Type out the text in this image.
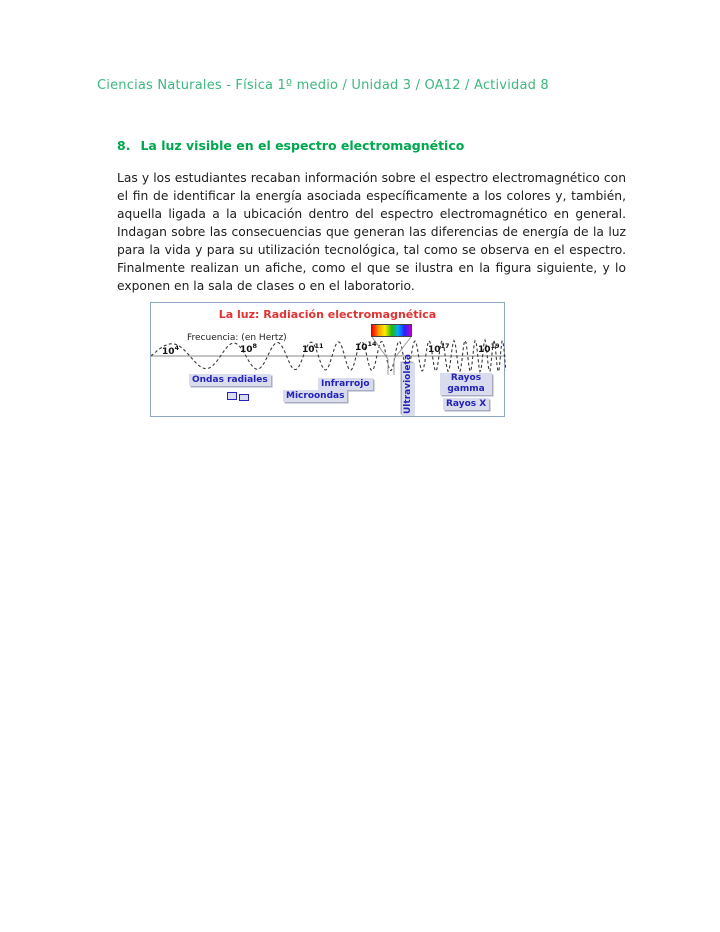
Ciencias Naturales - Física 1º medio / Unidad 3 / OA12 / Actividad 8
8. La luz visible en el espectro electromagnético
Las y los estudiantes recaban información sobre el espectro electromagnético con el fin de identificar la energía asociada específicamente a los colores y, también, aquella ligada a la ubicación dentro del espectro electromagnético en general. Indagan sobre las consecuencias que generan las diferencias de energía de la luz para la vida y para su utilización tecnológica, tal como se observa en el espectro. Finalmente realizan un afiche, como el que se ilustra en la figura siguiente, y lo exponen en la sala de clases o en el laboratorio.
La luz: Radiación electromagnética
Frecuencia: (en Hertz)
$10^4$	$10^8$	$10^{11}$	$10^{14}$
$10^{17}$	$10^{19}$
Ondas radiales	Infrarrojo
Microondas	Ultravioleta	Rayos gamma
Rayos X
